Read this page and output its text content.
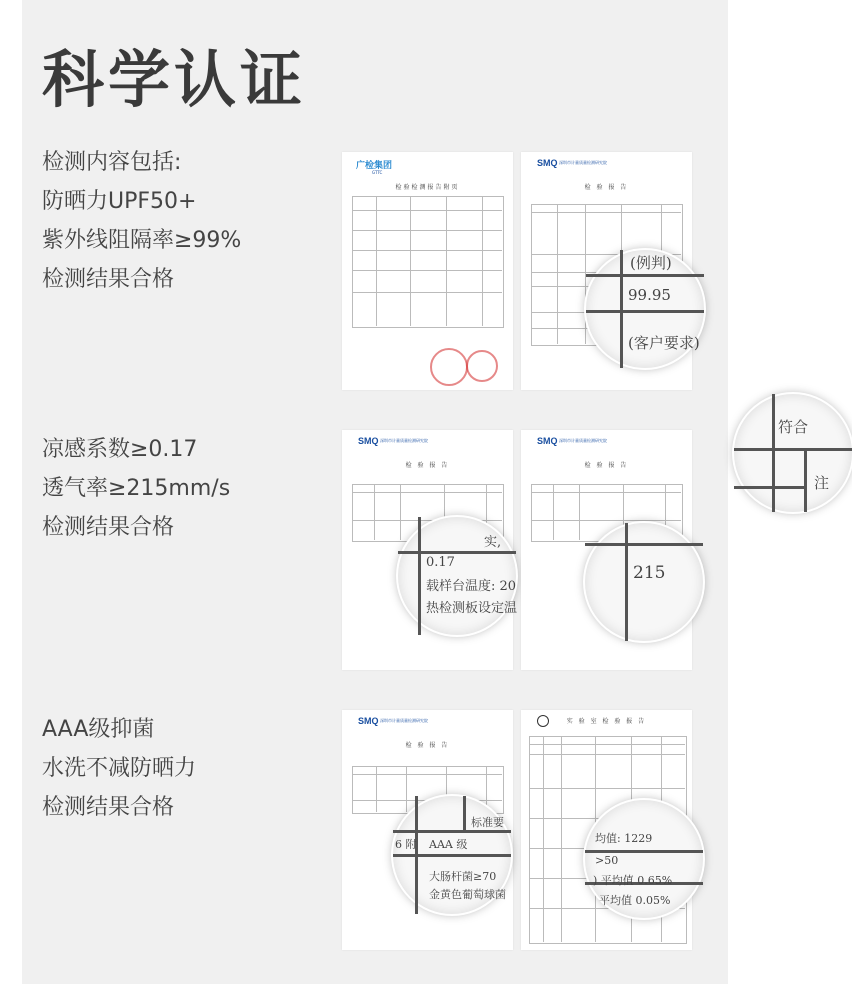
科学认证
检测内容包括:
防晒力UPF50+
紫外线阻隔率≥99%
检测结果合格
凉感系数≥0.17
透气率≥215mm/s
检测结果合格
AAA级抑菌
水洗不减防晒力
检测结果合格
广检集团
GTTC
检验检测报告附页
符合
注
SMQ 深圳市计量质量检测研究院
检 验 报 告
(例判)
99.95
(客户要求)
SMQ 深圳市计量质量检测研究院
检 验 报 告
实,
0.17
载样台温度: 20
热检测板设定温
SMQ 深圳市计量质量检测研究院
检 验 报 告
215
SMQ 深圳市计量质量检测研究院
检 验 报 告
标准要
6 附 AAA 级
大肠杆菌≥70
金黄色葡萄球菌
实 验 室 检 验 报 告
均值: 1229
>50
) 平均值 0.65%
平均值 0.05%
